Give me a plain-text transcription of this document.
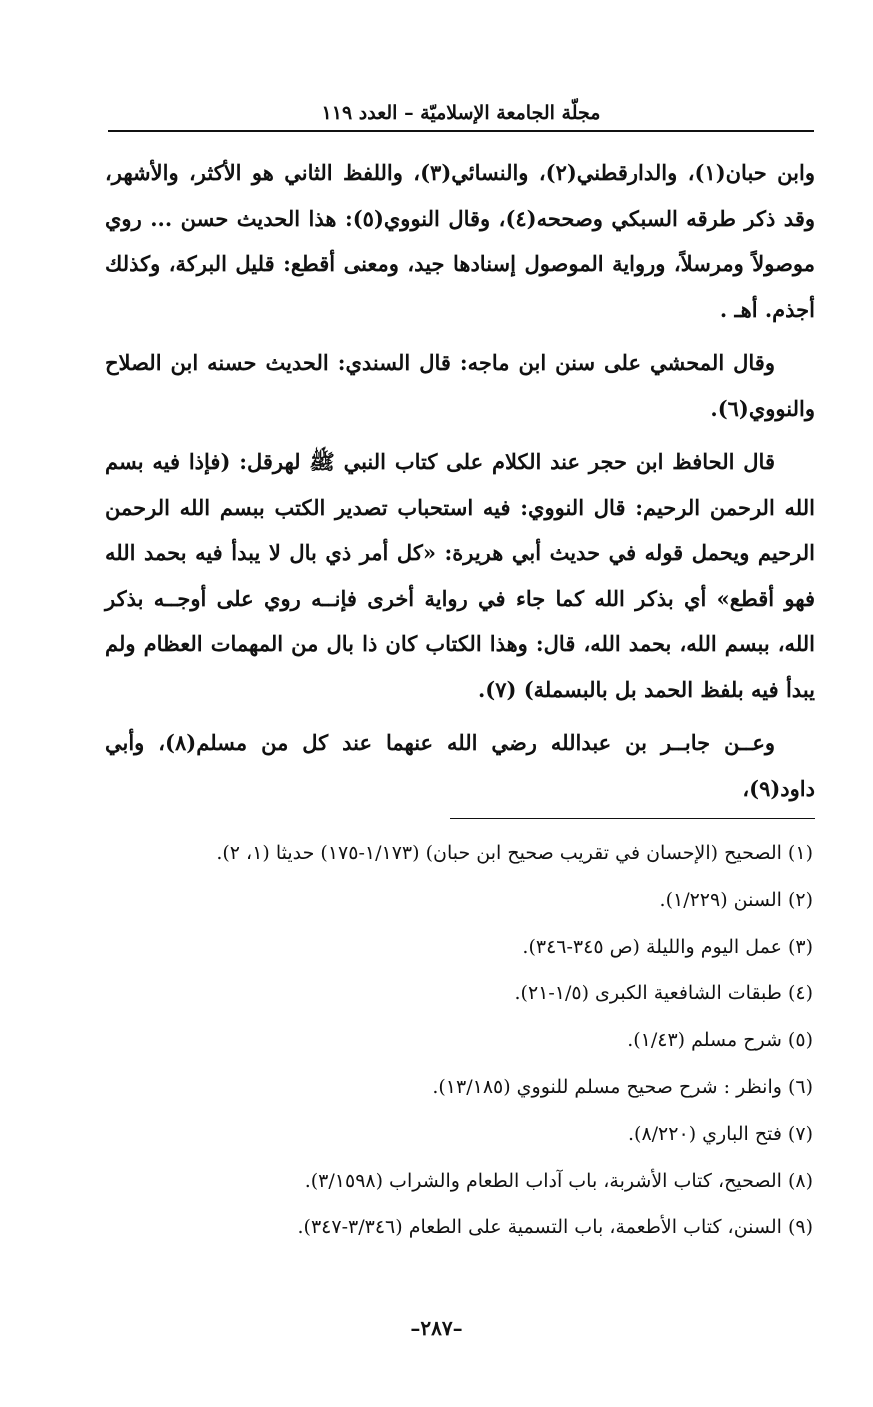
مجلّة الجامعة الإسلاميّة – العدد ١١٩

وابن حبان(١)، والدارقطني(٢)، والنسائي(٣)، واللفظ الثاني هو الأكثر، والأشهر، وقد ذكر طرقه السبكي وصححه(٤)، وقال النووي(٥): هذا الحديث حسن ... روي موصولاً ومرسلاً، ورواية الموصول إسنادها جيد، ومعنى أقطع: قليل البركة، وكذلك أجذم. أهـ .

وقال المحشي على سنن ابن ماجه: قال السندي: الحديث حسنه ابن الصلاح والنووي(٦).

قال الحافظ ابن حجر عند الكلام على كتاب النبي ﷺ لهرقل: (فإذا فيه بسم الله الرحمن الرحيم: قال النووي: فيه استحباب تصدير الكتب ببسم الله الرحمن الرحيم ويحمل قوله في حديث أبي هريرة: «كل أمر ذي بال لا يبدأ فيه بحمد الله فهو أقطع» أي بذكر الله كما جاء في رواية أخرى فإنــه روي على أوجــه بذكر الله، ببسم الله، بحمد الله، قال: وهذا الكتاب كان ذا بال من المهمات العظام ولم يبدأ فيه بلفظ الحمد بل بالبسملة) (٧).

وعــن جابــر بن عبدالله رضي الله عنهما عند كل من مسلم(٨)، وأبي داود(٩)،

(١) الصحيح (الإحسان في تقريب صحيح ابن حبان) (١/١٧٣-١٧٥) حديثا (١، ٢).
(٢) السنن (١/٢٢٩).
(٣) عمل اليوم والليلة (ص ٣٤٥-٣٤٦).
(٤) طبقات الشافعية الكبرى (١/٥-٢١).
(٥) شرح مسلم (١/٤٣).
(٦) وانظر : شرح صحيح مسلم للنووي (١٣/١٨٥).
(٧) فتح الباري (٨/٢٢٠).
(٨) الصحيح، كتاب الأشربة، باب آداب الطعام والشراب (٣/١٥٩٨).
(٩) السنن، كتاب الأطعمة، باب التسمية على الطعام (٣/٣٤٦-٣٤٧).
–٢٨٧–
